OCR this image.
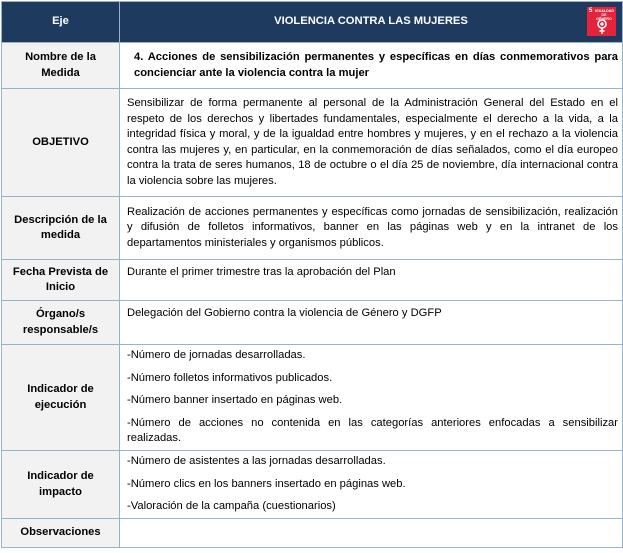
Eje	VIOLENCIA CONTRA LAS MUJERES
5 IGUALDAD DE GÉNERO

Nombre de la Medida	4. Acciones de sensibilización permanentes y específicas en días conmemorativos para concienciar ante la violencia contra la mujer
OBJETIVO	Sensibilizar de forma permanente al personal de la Administración General del Estado en el respeto de los derechos y libertades fundamentales, especialmente el derecho a la vida, a la integridad física y moral, y de la igualdad entre hombres y mujeres, y en el rechazo a la violencia contra las mujeres y, en particular, en la conmemoración de días señalados, como el día europeo contra la trata de seres humanos, 18 de octubre o el día 25 de noviembre, día internacional contra la violencia sobre las mujeres.
Descripción de la medida	Realización de acciones permanentes y específicas como jornadas de sensibilización, realización y difusión de folletos informativos, banner en las páginas web y en la intranet de los departamentos ministeriales y organismos públicos.
Fecha Prevista de Inicio	Durante el primer trimestre tras la aprobación del Plan
Órgano/s responsable/s	Delegación del Gobierno contra la violencia de Género y DGFP
Indicador de ejecución	-Número de jornadas desarrolladas.

-Número folletos informativos publicados.

-Número banner insertado en páginas web.

-Número de acciones no contenida en las categorías anteriores enfocadas a sensibilizar realizadas.

Indicador de impacto	-Número de asistentes a las jornadas desarrolladas.

-Número clics en los banners insertado en páginas web.

-Valoración de la campaña (cuestionarios)

Observaciones	
